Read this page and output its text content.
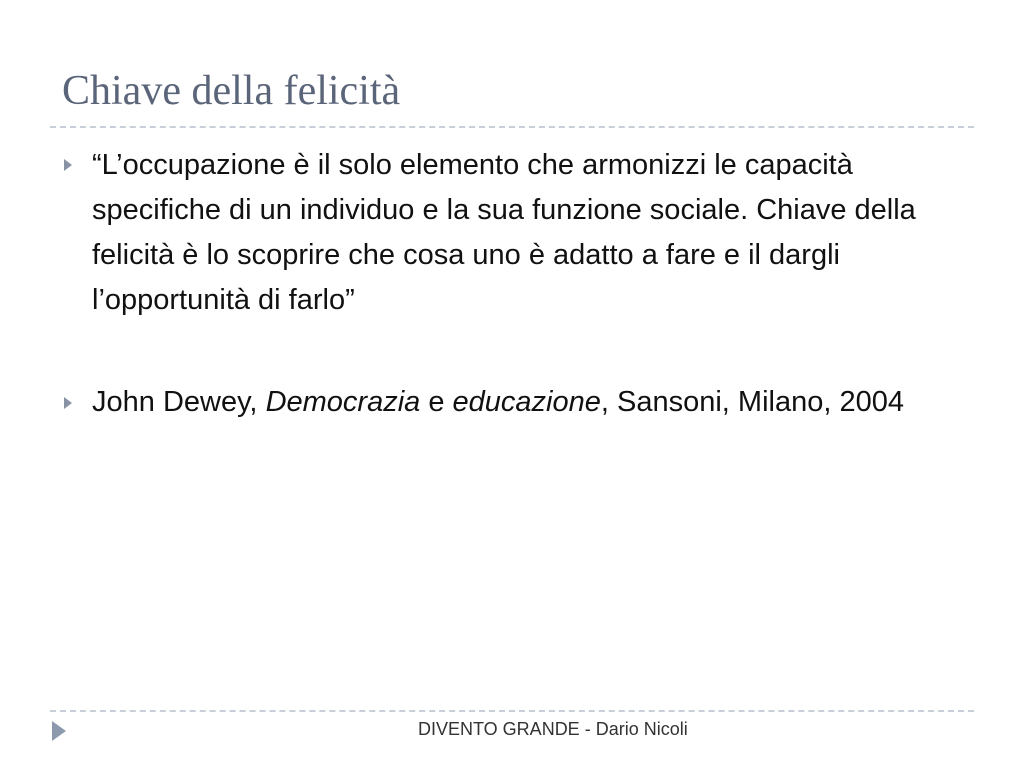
Chiave della felicità
“L’occupazione è il solo elemento che armonizzi le capacità specifiche di un individuo e la sua funzione sociale. Chiave della felicità è lo scoprire che cosa uno è adatto a fare e il dargli l’opportunità di farlo”
John Dewey, Democrazia e educazione, Sansoni, Milano, 2004
DIVENTO GRANDE - Dario Nicoli
